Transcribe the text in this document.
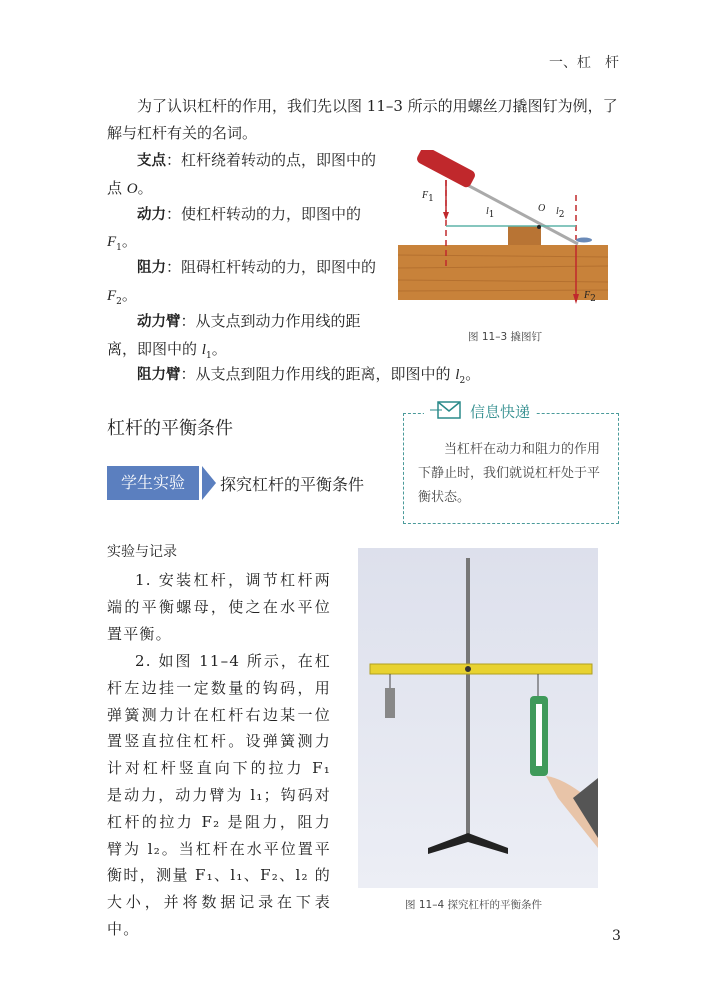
一、杠　杆
为了认识杠杆的作用，我们先以图 11–3 所示的用螺丝刀撬图钉为例，了解与杠杆有关的名词。
支点：杠杆绕着转动的点，即图中的点 O。
动力：使杠杆转动的力，即图中的 $F_1$。
阻力：阻碍杠杆转动的力，即图中的 $F_2$。
动力臂：从支点到动力作用线的距离，即图中的 $l_1$。
阻力臂：从支点到阻力作用线的距离，即图中的 $l_2$。
$F_1$
$l_1$
O $l_2$
$F_2$
图 11–3 撬图钉
杠杆的平衡条件
学生实验	探究杠杆的平衡条件
信息快递
当杠杆在动力和阻力的作用下静止时，我们就说杠杆处于平衡状态。
实验与记录
1. 安装杠杆，调节杠杆两端的平衡螺母，使之在水平位置平衡。
2. 如图 11–4 所示，在杠杆左边挂一定数量的钩码，用弹簧测力计在杠杆右边某一位置竖直拉住杠杆。设弹簧测力计对杠杆竖直向下的拉力 F₁ 是动力，动力臂为 l₁；钩码对杠杆的拉力 F₂ 是阻力，阻力臂为 l₂。当杠杆在水平位置平衡时，测量 F₁、l₁、F₂、l₂ 的大小，并将数据记录在下表中。
图 11–4 探究杠杆的平衡条件
3
